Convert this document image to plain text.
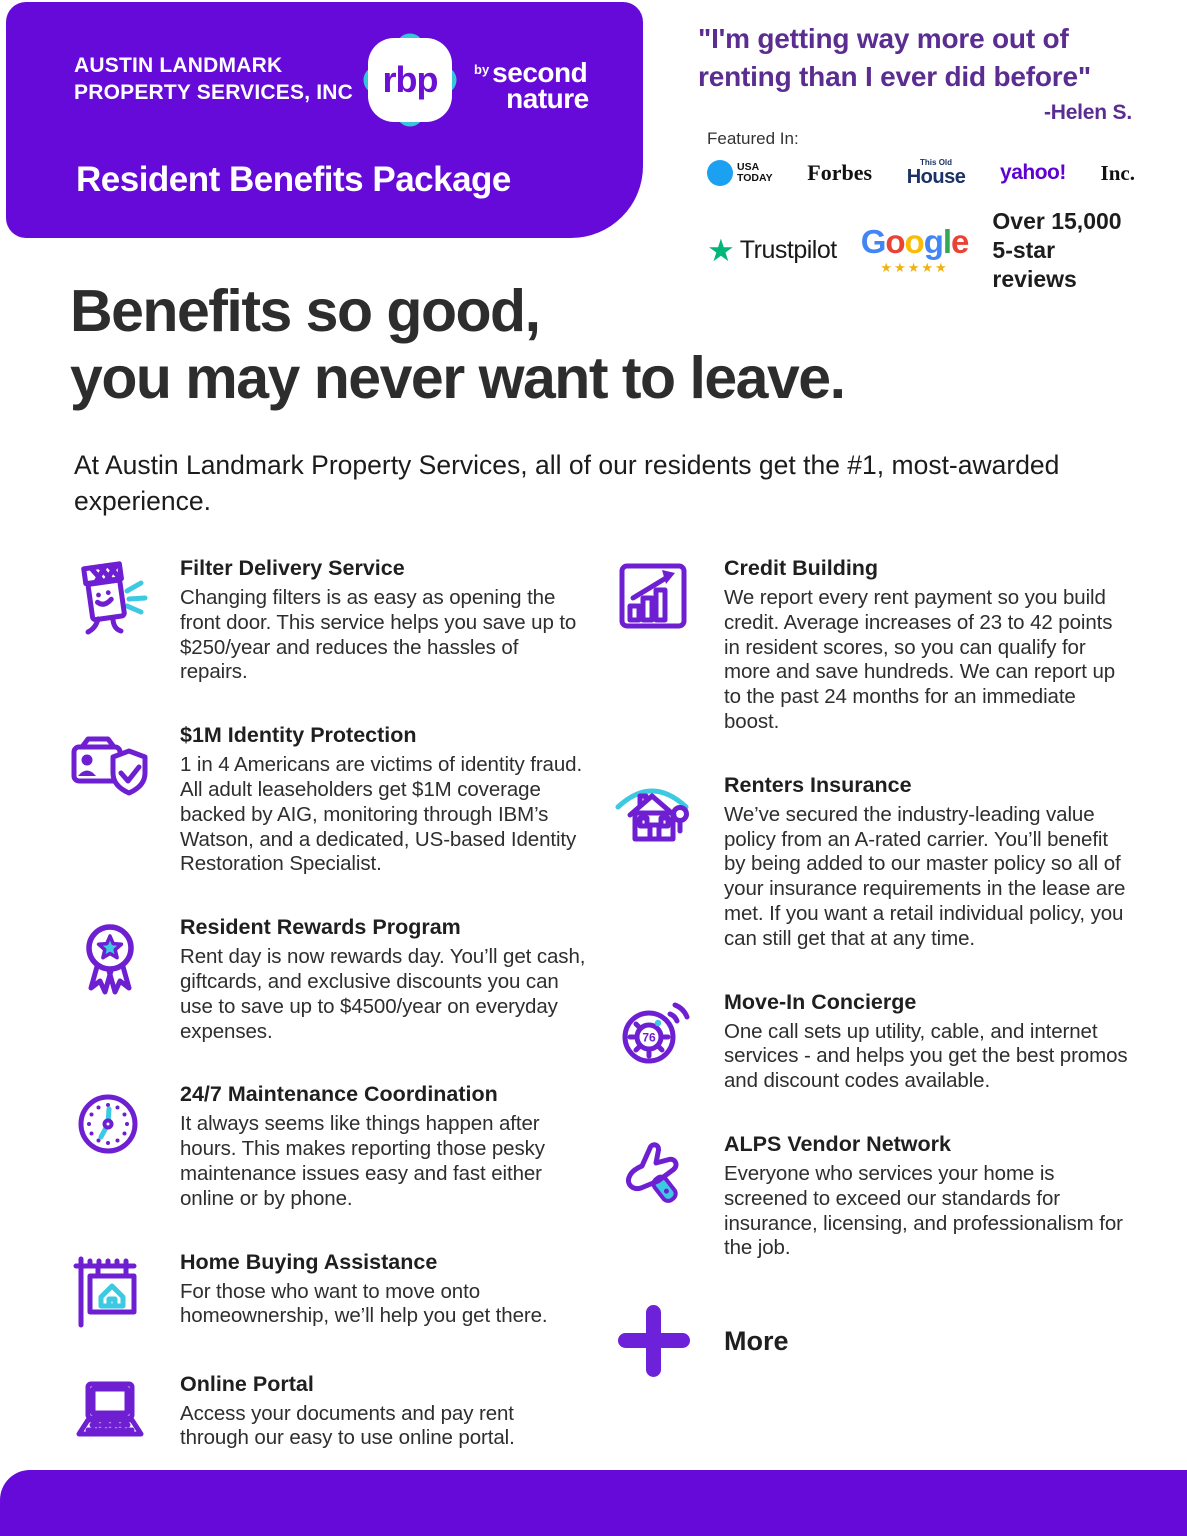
AUSTIN LANDMARK
PROPERTY SERVICES, INC rbp	by second
nature
Resident Benefits Package
"I'm getting way more out of
renting than I ever did before"
-Helen S.
Featured In:
USA
TODAY Forbes	This Old
House yahoo! Inc.
★ Trustpilot Google
★★★★★
Over 15,000
5-star reviews
Benefits so good,
you may never want to leave.
At Austin Landmark Property Services, all of our residents get the #1, most-awarded experience.
Filter Delivery Service

Changing filters is as easy as opening the front door. This service helps you save up to $250/year and reduces the hassles of repairs.

$1M Identity Protection

1 in 4 Americans are victims of identity fraud. All adult leaseholders get $1M coverage backed by AIG, monitoring through IBM’s Watson, and a dedicated, US-based Identity Restoration Specialist.

Resident Rewards Program

Rent day is now rewards day. You’ll get cash, giftcards, and exclusive discounts you can use to save up to $4500/year on everyday expenses.

24/7 Maintenance Coordination

It always seems like things happen after hours. This makes reporting those pesky maintenance issues easy and fast either online or by phone.

Home Buying Assistance

For those who want to move onto homeownership, we’ll help you get there.

Online Portal

Access your documents and pay rent through our easy to use online portal.

Credit Building

We report every rent payment so you build credit. Average increases of 23 to 42 points in resident scores, so you can qualify for more and save hundreds. We can report up to the past 24 months for an immediate boost.

Renters Insurance

We’ve secured the industry-leading value policy from an A-rated carrier. You’ll benefit by being added to our master policy so all of your insurance requirements in the lease are met. If you want a retail individual policy, you can still get that at any time.

76
Move-In Concierge

One call sets up utility, cable, and internet services - and helps you get the best promos and discount codes available.

ALPS Vendor Network

Everyone who services your home is screened to exceed our standards for insurance, licensing, and professionalism for the job.

More
